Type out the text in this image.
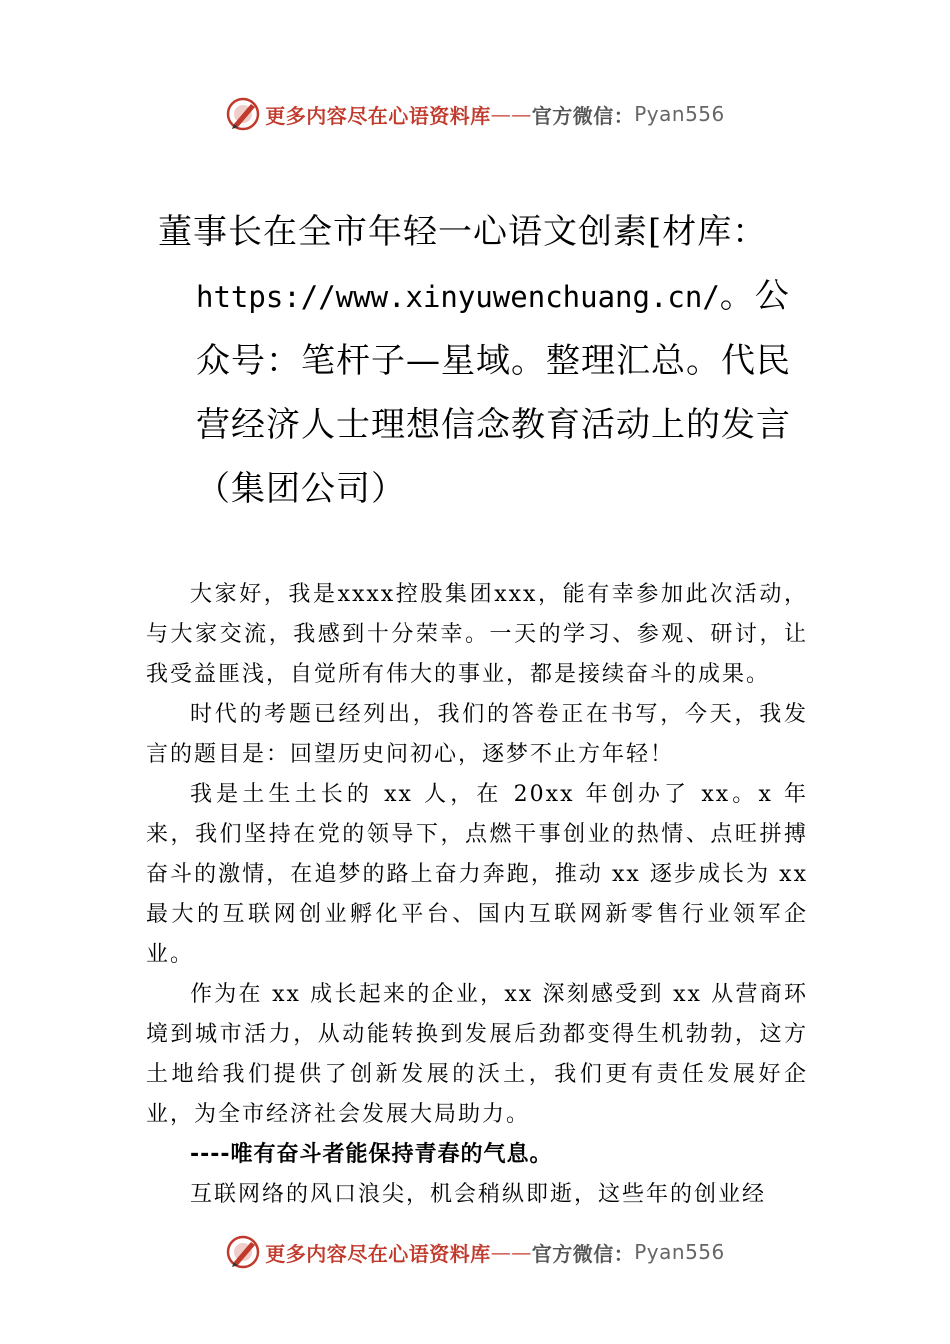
更多内容尽在心语资料库 —— 官方微信： Pyan556
董事长在全市年轻一心语文创素[材库：
https://www.xinyuwenchuang.cn/。公众号：笔杆子—星域。整理汇总。代民营经济人士理想信念教育活动上的发言（集团公司）

大家好，我是xxxx控股集团xxx，能有幸参加此次活动，与大家交流，我感到十分荣幸。一天的学习、参观、研讨，让我受益匪浅，自觉所有伟大的事业，都是接续奋斗的成果。

时代的考题已经列出，我们的答卷正在书写，今天，我发言的题目是：回望历史问初心，逐梦不止方年轻！

我是土生土长的 xx 人，在 20xx 年创办了 xx。x 年来，我们坚持在党的领导下，点燃干事创业的热情、点旺拼搏奋斗的激情，在追梦的路上奋力奔跑，推动 xx 逐步成长为 xx 最大的互联网创业孵化平台、国内互联网新零售行业领军企业。

作为在 xx 成长起来的企业，xx 深刻感受到 xx 从营商环境到城市活力，从动能转换到发展后劲都变得生机勃勃，这方土地给我们提供了创新发展的沃土，我们更有责任发展好企业，为全市经济社会发展大局助力。

----唯有奋斗者能保持青春的气息。

互联网络的风口浪尖，机会稍纵即逝，这些年的创业经

更多内容尽在心语资料库 —— 官方微信： Pyan556
